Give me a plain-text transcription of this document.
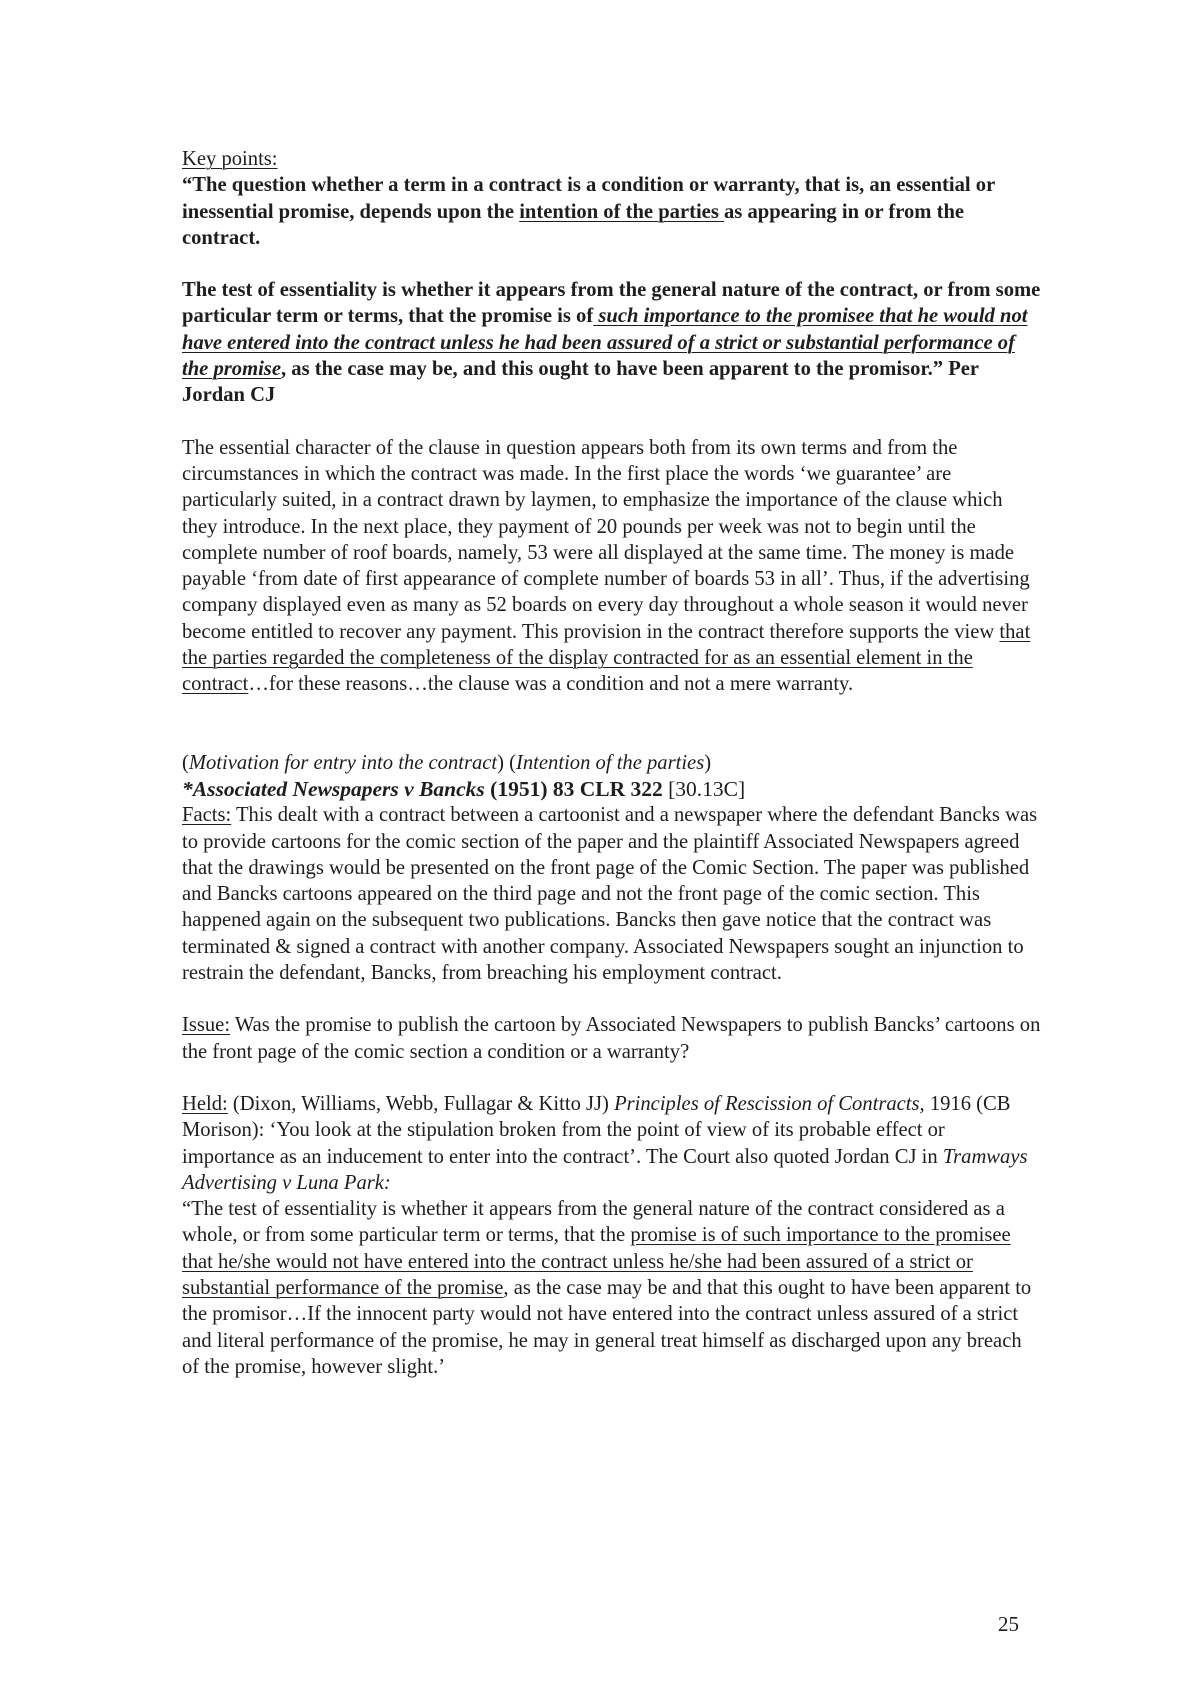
Key points:

“The question whether a term in a contract is a condition or warranty, that is, an essential or inessential promise, depends upon the intention of the parties as appearing in or from the contract.

The test of essentiality is whether it appears from the general nature of the contract, or from some particular term or terms, that the promise is of such importance to the promisee that he would not have entered into the contract unless he had been assured of a strict or substantial performance of the promise, as the case may be, and this ought to have been apparent to the promisor.” Per Jordan CJ

The essential character of the clause in question appears both from its own terms and from the circumstances in which the contract was made. In the first place the words ‘we guarantee’ are particularly suited, in a contract drawn by laymen, to emphasize the importance of the clause which they introduce. In the next place, they payment of 20 pounds per week was not to begin until the complete number of roof boards, namely, 53 were all displayed at the same time. The money is made payable ‘from date of first appearance of complete number of boards 53 in all’. Thus, if the advertising company displayed even as many as 52 boards on every day throughout a whole season it would never become entitled to recover any payment. This provision in the contract therefore supports the view that the parties regarded the completeness of the display contracted for as an essential element in the contract…for these reasons…the clause was a condition and not a mere warranty.

(Motivation for entry into the contract) (Intention of the parties)

*Associated Newspapers v Bancks (1951) 83 CLR 322 [30.13C]

Facts: This dealt with a contract between a cartoonist and a newspaper where the defendant Bancks was to provide cartoons for the comic section of the paper and the plaintiff Associated Newspapers agreed that the drawings would be presented on the front page of the Comic Section. The paper was published and Bancks cartoons appeared on the third page and not the front page of the comic section. This happened again on the subsequent two publications. Bancks then gave notice that the contract was terminated & signed a contract with another company. Associated Newspapers sought an injunction to restrain the defendant, Bancks, from breaching his employment contract.

Issue: Was the promise to publish the cartoon by Associated Newspapers to publish Bancks’ cartoons on the front page of the comic section a condition or a warranty?

Held: (Dixon, Williams, Webb, Fullagar & Kitto JJ) Principles of Rescission of Contracts, 1916 (CB Morison): ‘You look at the stipulation broken from the point of view of its probable effect or importance as an inducement to enter into the contract’. The Court also quoted Jordan CJ in Tramways Advertising v Luna Park:

“The test of essentiality is whether it appears from the general nature of the contract considered as a whole, or from some particular term or terms, that the promise is of such importance to the promisee that he/she would not have entered into the contract unless he/she had been assured of a strict or substantial performance of the promise, as the case may be and that this ought to have been apparent to the promisor…If the innocent party would not have entered into the contract unless assured of a strict and literal performance of the promise, he may in general treat himself as discharged upon any breach of the promise, however slight.’

25
